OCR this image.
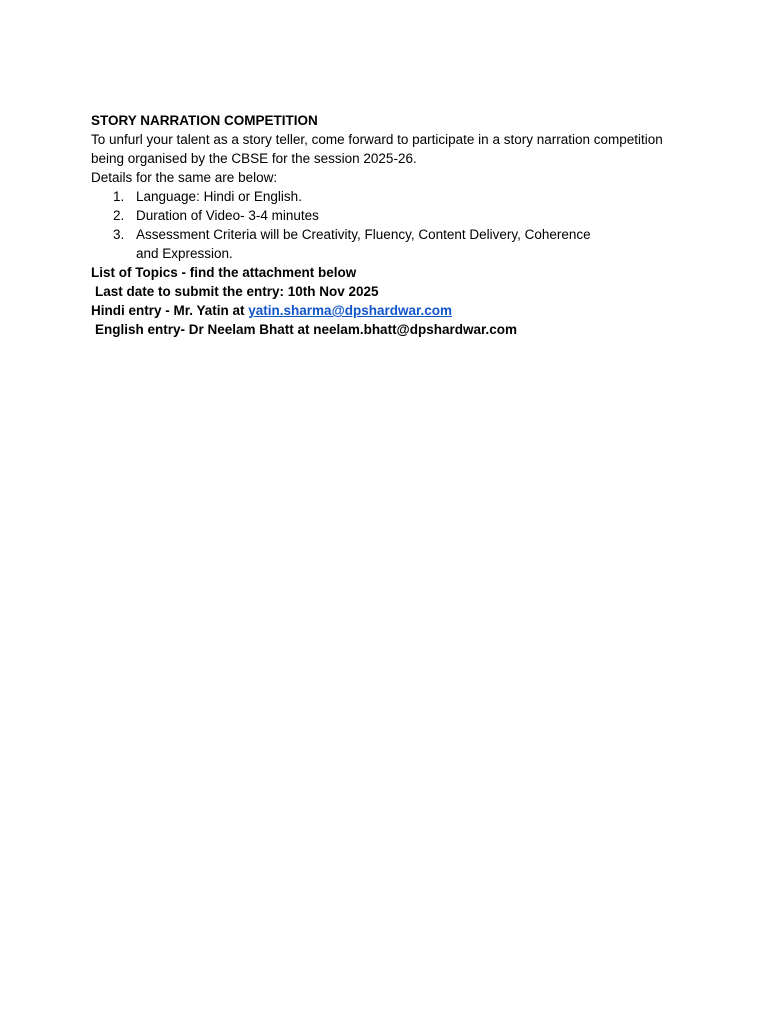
STORY NARRATION COMPETITION
To unfurl your talent as a story teller, come forward to participate in a story narration competition
being organised by the CBSE for the session 2025-26.
Details for the same are below:
1. Language: Hindi or English.
2. Duration of Video- 3-4 minutes
3. Assessment Criteria will be Creativity, Fluency, Content Delivery, Coherence
and Expression.
List of Topics - find the attachment below
Last date to submit the entry: 10th Nov 2025
Hindi entry - Mr. Yatin at yatin.sharma@dpshardwar.com
English entry- Dr Neelam Bhatt at neelam.bhatt@dpshardwar.com
